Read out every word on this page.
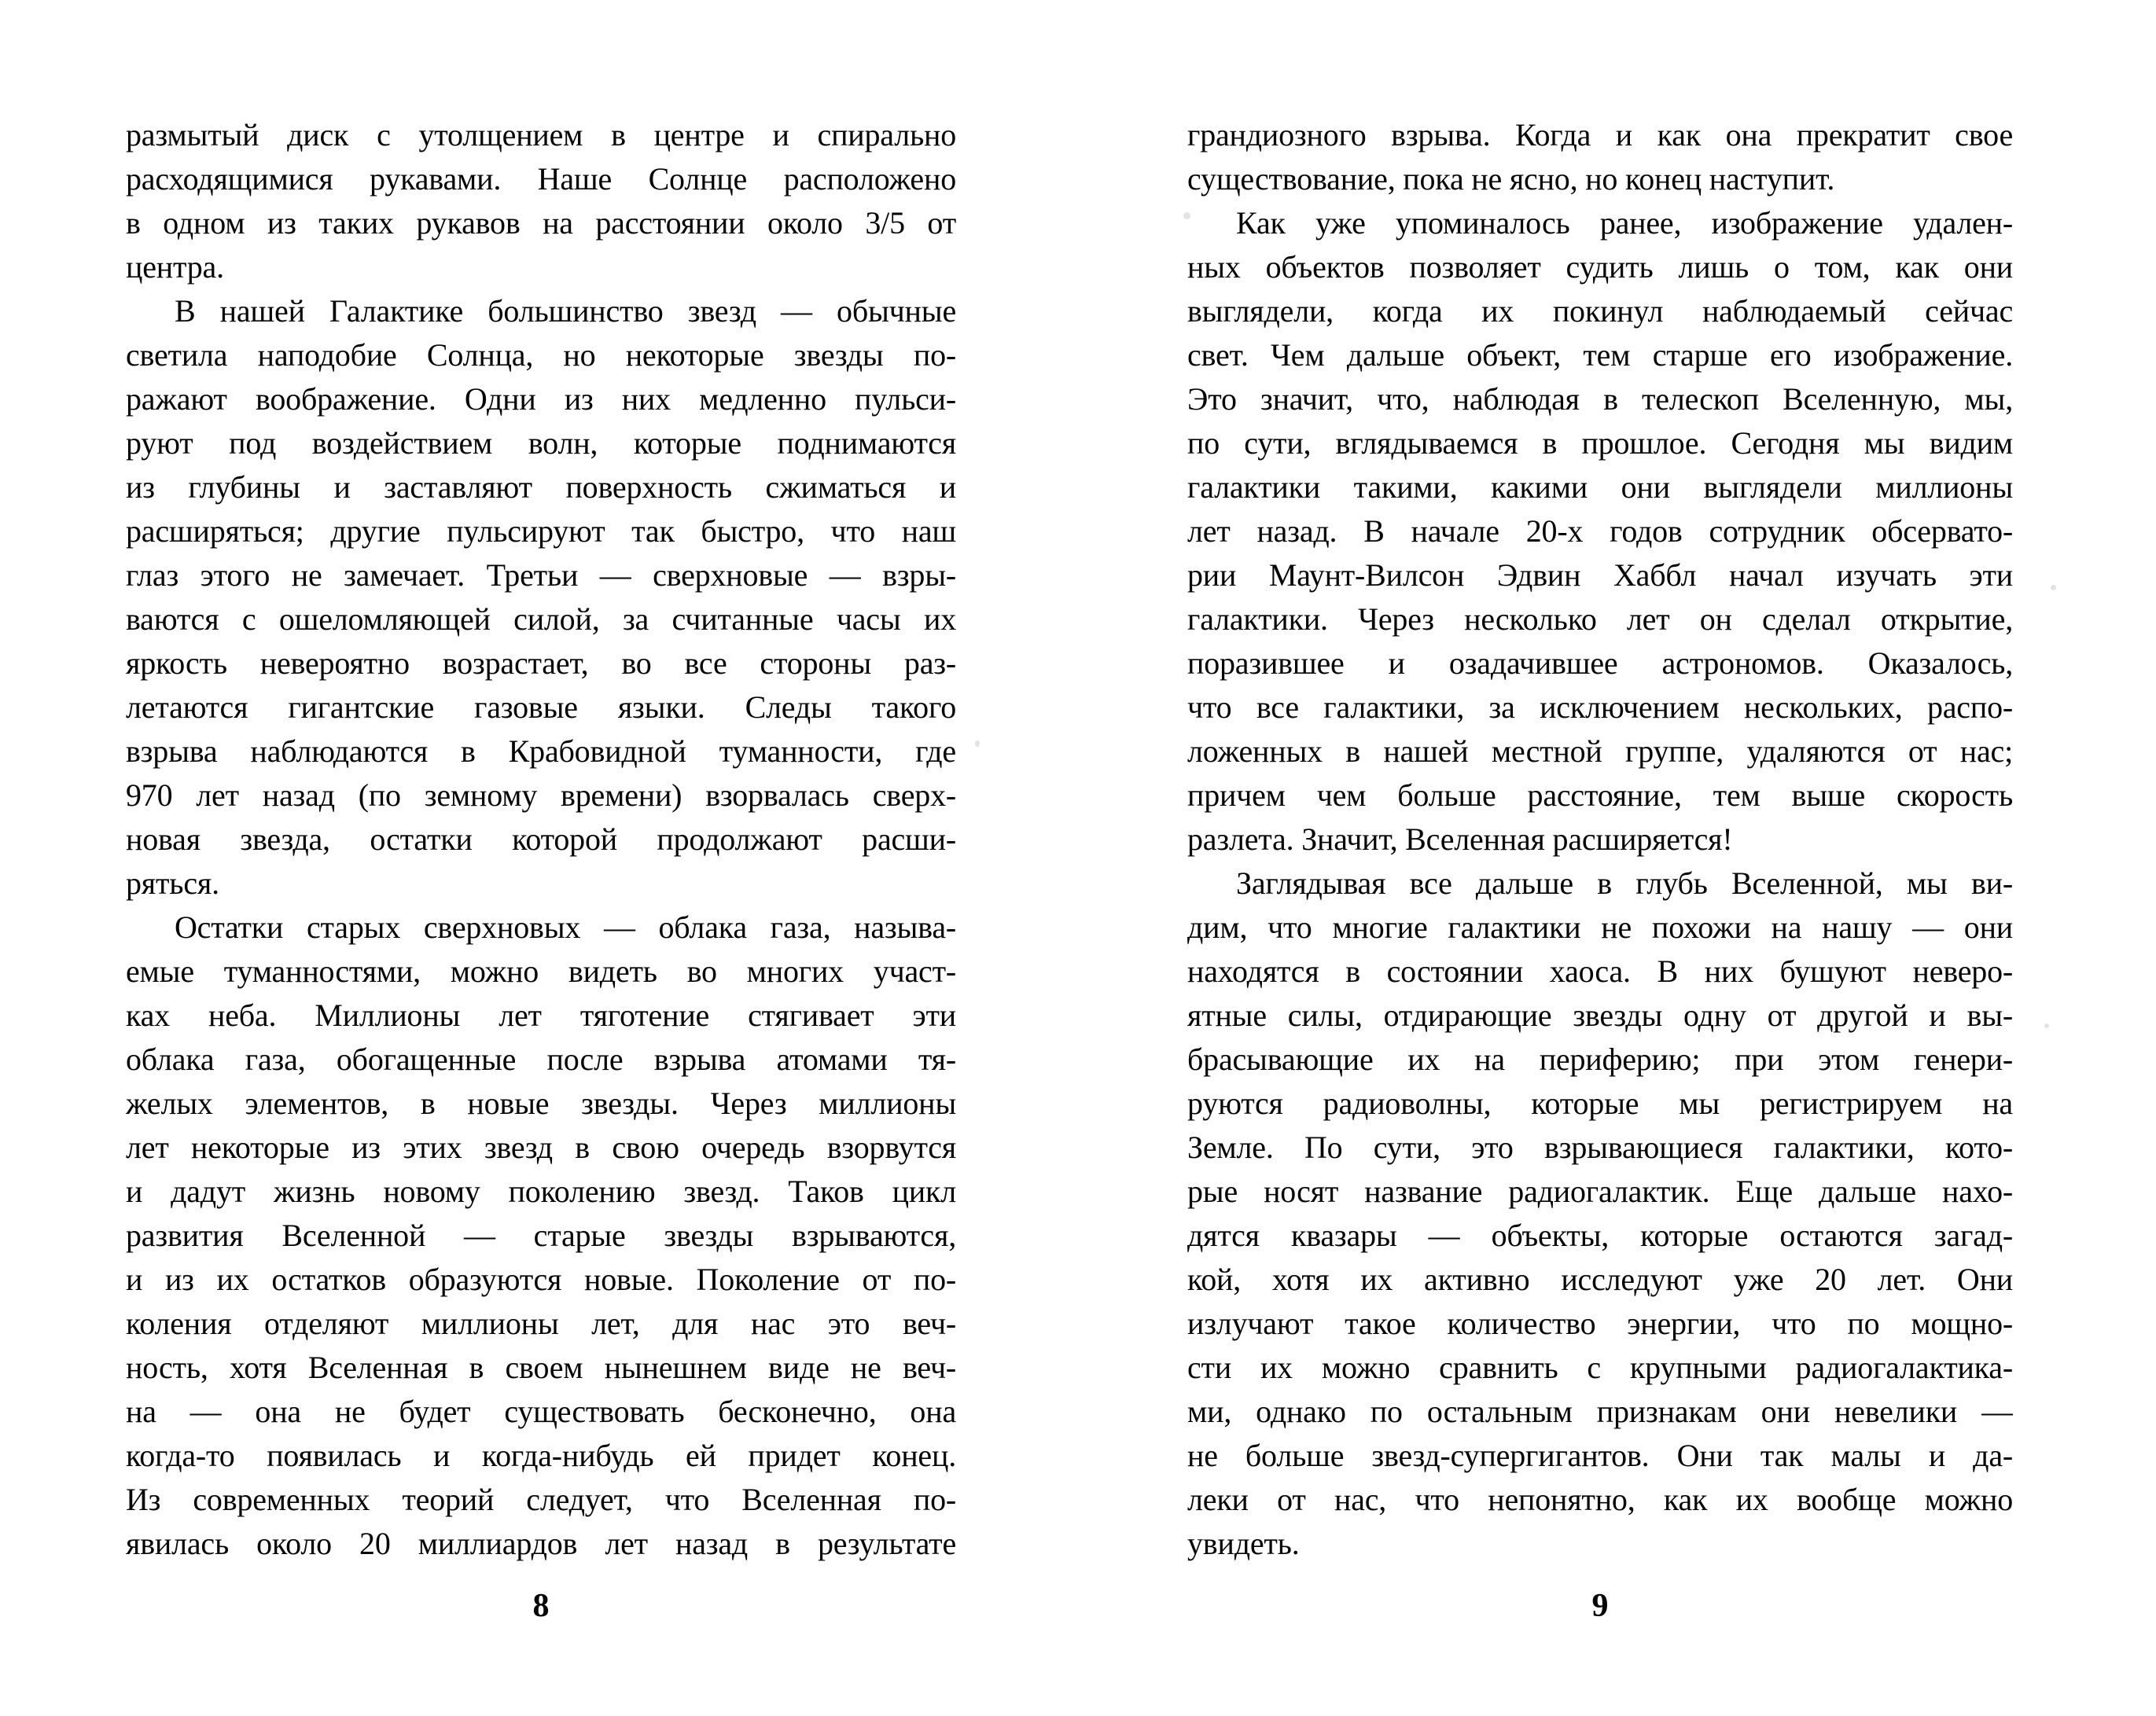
размытый диск с утолщением в центре и спирально
расходящимися рукавами. Наше Солнце расположено
в одном из таких рукавов на расстоянии около 3/5 от
центра.
В нашей Галактике большинство звезд — обычные
светила наподобие Солнца, но некоторые звезды по-
ражают воображение. Одни из них медленно пульси-
руют под воздействием волн, которые поднимаются
из глубины и заставляют поверхность сжиматься и
расширяться; другие пульсируют так быстро, что наш
глаз этого не замечает. Третьи — сверхновые — взры-
ваются с ошеломляющей силой, за считанные часы их
яркость невероятно возрастает, во все стороны раз-
летаются гигантские газовые языки. Следы такого
взрыва наблюдаются в Крабовидной туманности, где
970 лет назад (по земному времени) взорвалась сверх-
новая звезда, остатки которой продолжают расши-
ряться.
Остатки старых сверхновых — облака газа, называ-
емые туманностями, можно видеть во многих участ-
ках неба. Миллионы лет тяготение стягивает эти
облака газа, обогащенные после взрыва атомами тя-
желых элементов, в новые звезды. Через миллионы
лет некоторые из этих звезд в свою очередь взорвутся
и дадут жизнь новому поколению звезд. Таков цикл
развития Вселенной — старые звезды взрываются,
и из их остатков образуются новые. Поколение от по-
коления отделяют миллионы лет, для нас это веч-
ность, хотя Вселенная в своем нынешнем виде не веч-
на — она не будет существовать бесконечно, она
когда-то появилась и когда-нибудь ей придет конец.
Из современных теорий следует, что Вселенная по-
явилась около 20 миллиардов лет назад в результате
8
грандиозного взрыва. Когда и как она прекратит свое
существование, пока не ясно, но конец наступит.
Как уже упоминалось ранее, изображение удален-
ных объектов позволяет судить лишь о том, как они
выглядели, когда их покинул наблюдаемый сейчас
свет. Чем дальше объект, тем старше его изображение.
Это значит, что, наблюдая в телескоп Вселенную, мы,
по сути, вглядываемся в прошлое. Сегодня мы видим
галактики такими, какими они выглядели миллионы
лет назад. В начале 20-х годов сотрудник обсервато-
рии Маунт-Вилсон Эдвин Хаббл начал изучать эти
галактики. Через несколько лет он сделал открытие,
поразившее и озадачившее астрономов. Оказалось,
что все галактики, за исключением нескольких, распо-
ложенных в нашей местной группе, удаляются от нас;
причем чем больше расстояние, тем выше скорость
разлета. Значит, Вселенная расширяется!
Заглядывая все дальше в глубь Вселенной, мы ви-
дим, что многие галактики не похожи на нашу — они
находятся в состоянии хаоса. В них бушуют неверо-
ятные силы, отдирающие звезды одну от другой и вы-
брасывающие их на периферию; при этом генери-
руются радиоволны, которые мы регистрируем на
Земле. По сути, это взрывающиеся галактики, кото-
рые носят название радиогалактик. Еще дальше нахо-
дятся квазары — объекты, которые остаются загад-
кой, хотя их активно исследуют уже 20 лет. Они
излучают такое количество энергии, что по мощно-
сти их можно сравнить с крупными радиогалактика-
ми, однако по остальным признакам они невелики —
не больше звезд-супергигантов. Они так малы и да-
леки от нас, что непонятно, как их вообще можно
увидеть.
9
